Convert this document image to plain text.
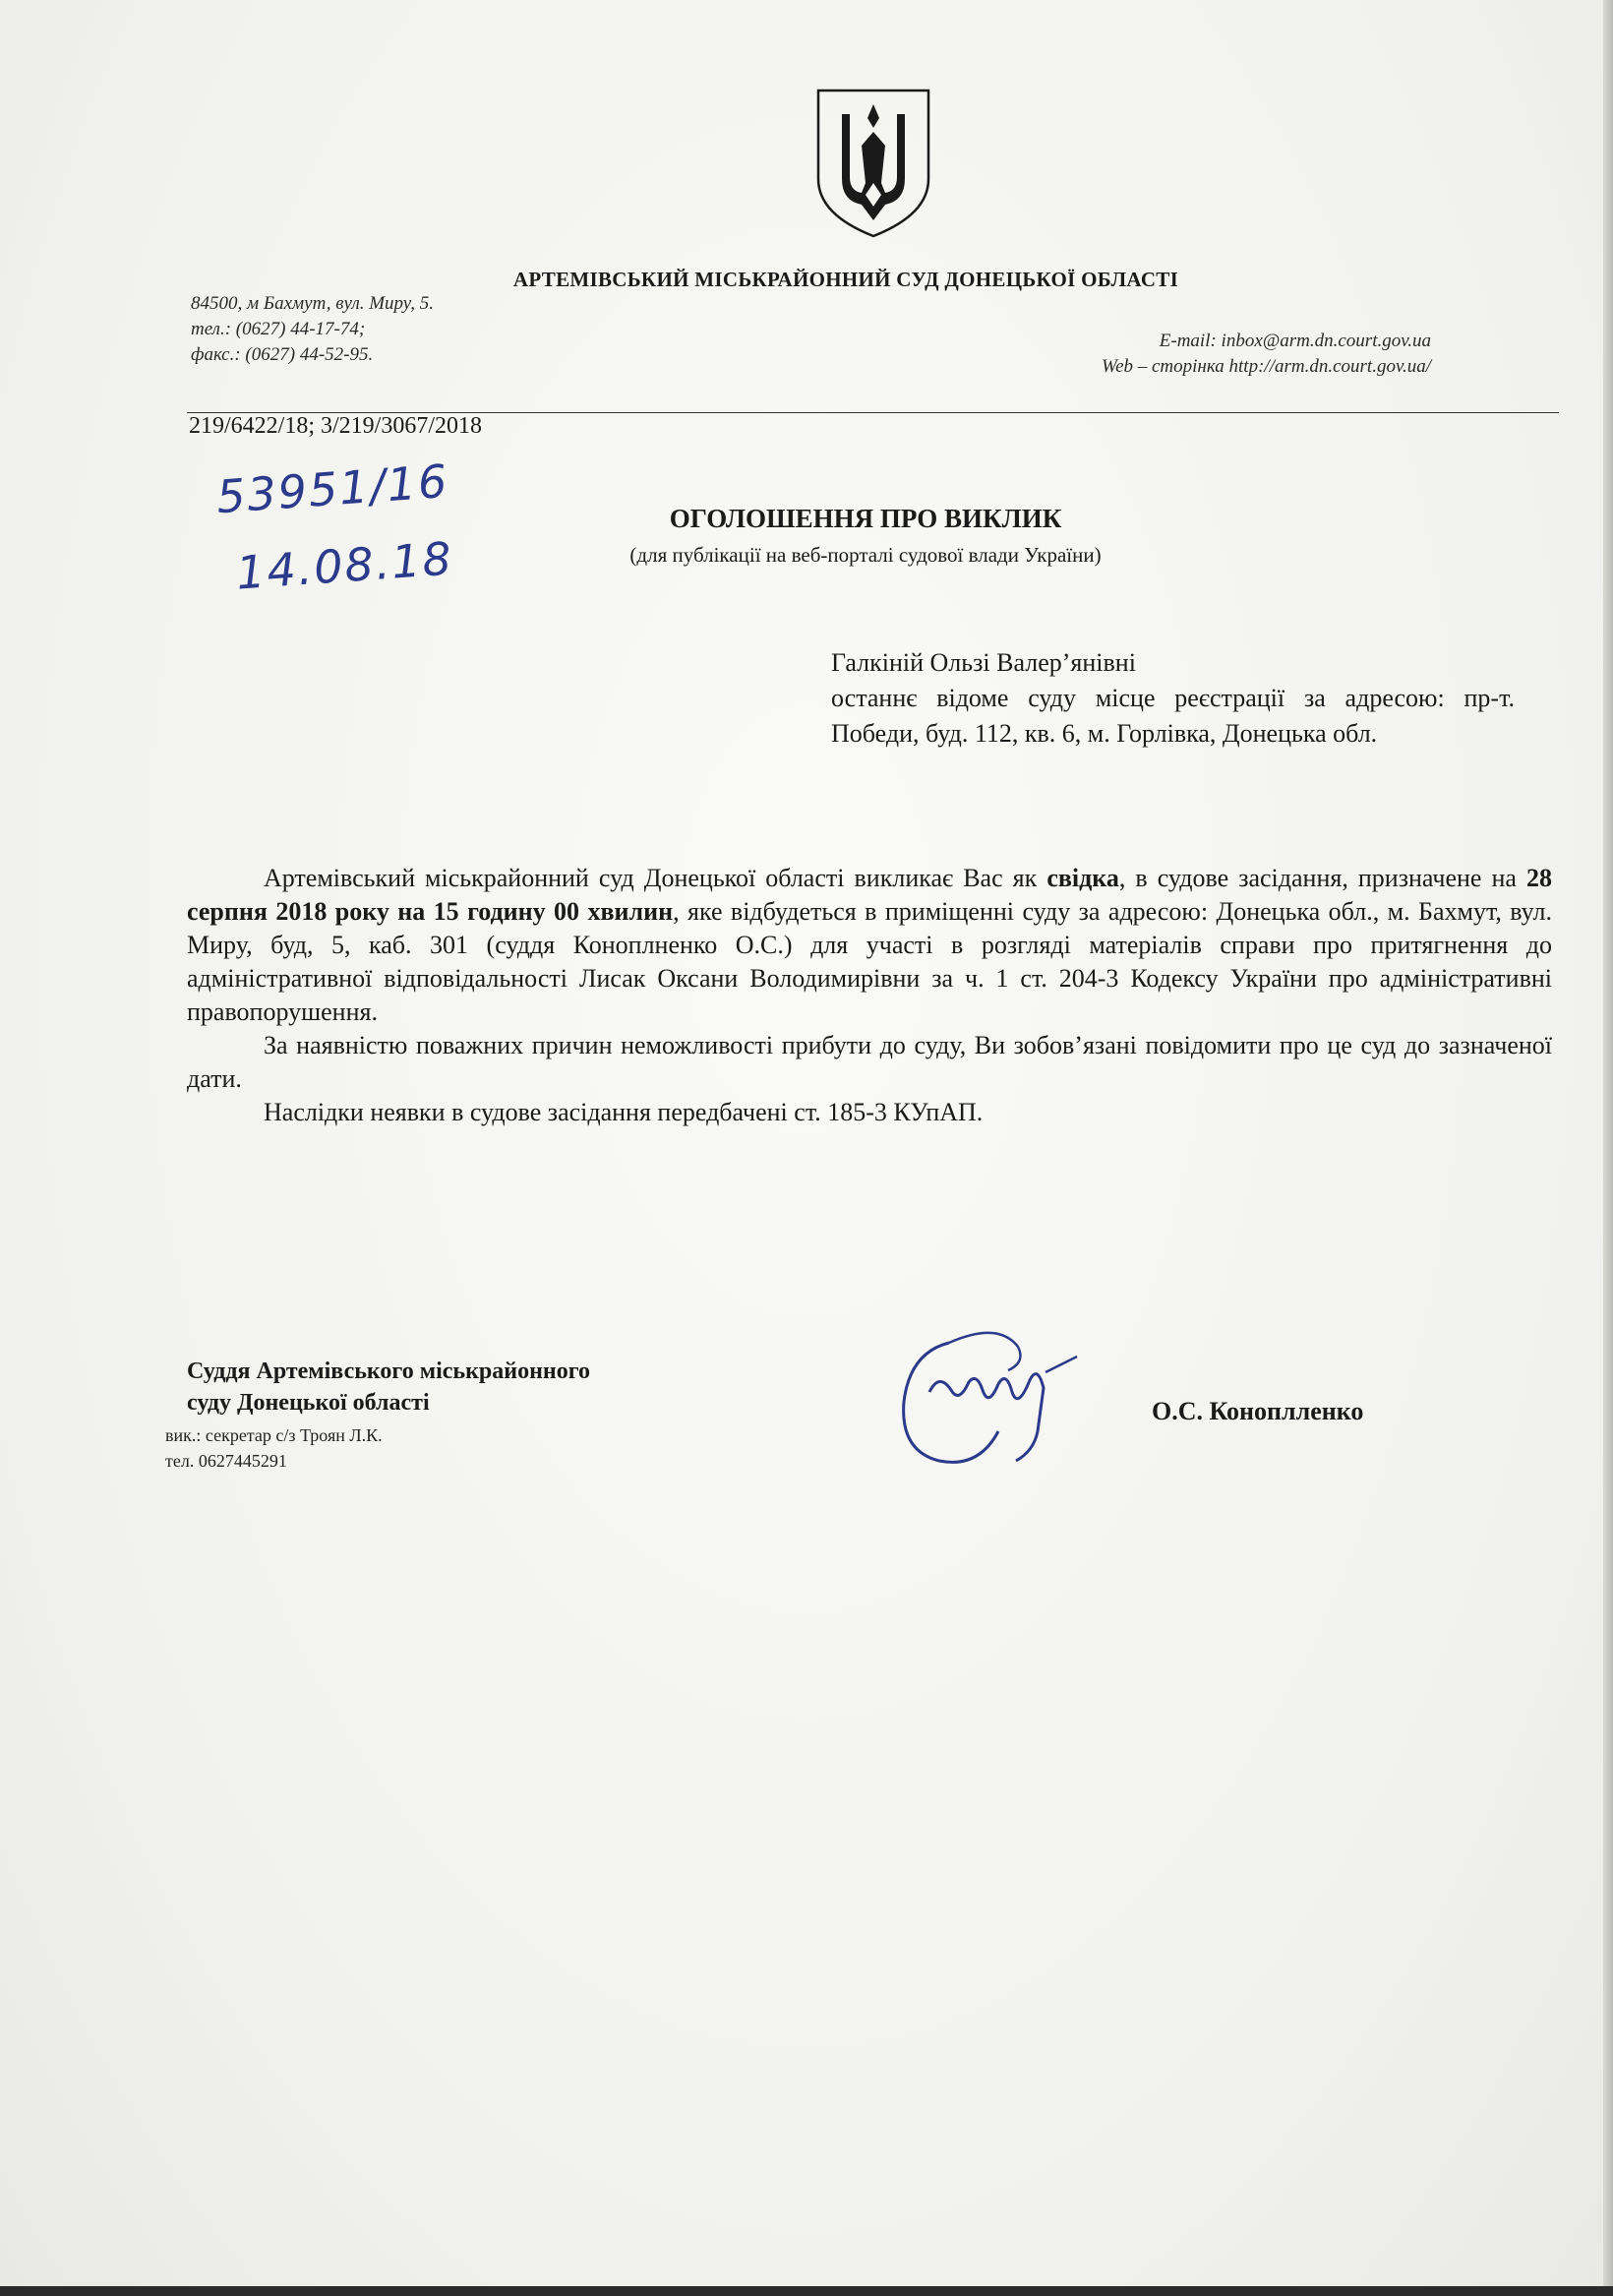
АРТЕМІВСЬКИЙ МІСЬКРАЙОННИЙ СУД ДОНЕЦЬКОЇ ОБЛАСТІ
84500, м Бахмут, вул. Миру, 5.
тел.: (0627) 44-17-74;
факс.: (0627) 44-52-95.
E-mail: inbox@arm.dn.court.gov.ua
Web – сторінка http://arm.dn.court.gov.ua/
219/6422/18; 3/219/3067/2018
53951/16
14.08.18
ОГОЛОШЕННЯ ПРО ВИКЛИК
(для публікації на веб-порталі судової влади України)

Галкіній Ользі Валер’янівні

останнє відоме суду місце реєстрації за адресою: пр-т. Победи, буд. 112, кв. 6, м. Горлівка, Донецька обл.

Артемівський міськрайонний суд Донецької області викликає Вас як свідка, в судове засідання, призначене на 28 серпня 2018 року на 15 годину 00 хвилин, яке відбудеться в приміщенні суду за адресою: Донецька обл., м. Бахмут, вул. Миру, буд, 5, каб. 301 (суддя Коноплненко О.С.) для участі в розгляді матеріалів справи про притягнення до адміністративної відповідальності Лисак Оксани Володимирівни за ч. 1 ст. 204-3 Кодексу України про адміністративні правопорушення.

За наявністю поважних причин неможливості прибути до суду, Ви зобов’язані повідомити про це суд до зазначеної дати.

Наслідки неявки в судове засідання передбачені ст. 185-3 КУпАП.

Суддя Артемівського міськрайонного
суду Донецької області
вик.: секретар с/з Троян Л.К.
тел. 0627445291
О.С. Коноплленко
